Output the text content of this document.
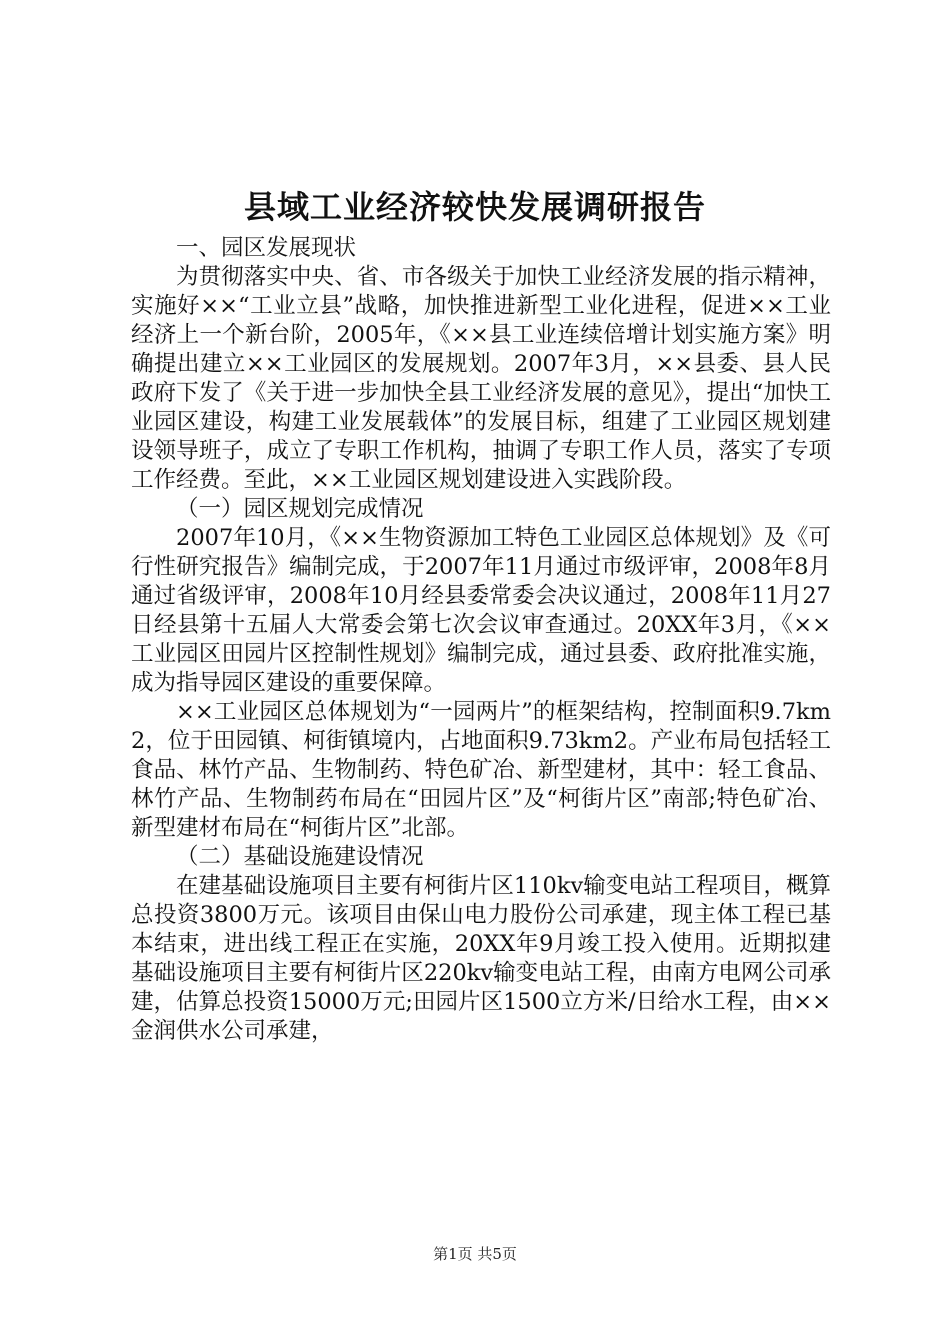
县域工业经济较快发展调研报告

一、园区发展现状

为贯彻落实中央、省、市各级关于加快工业经济发展的指示精神，实施好××“工业立县”战略，加快推进新型工业化进程，促进××工业经济上一个新台阶，2005年，《××县工业连续倍增计划实施方案》明确提出建立××工业园区的发展规划。2007年3月，××县委、县人民政府下发了《关于进一步加快全县工业经济发展的意见》，提出“加快工业园区建设，构建工业发展载体”的发展目标，组建了工业园区规划建设领导班子，成立了专职工作机构，抽调了专职工作人员，落实了专项工作经费。至此，××工业园区规划建设进入实践阶段。

（一）园区规划完成情况

2007年10月，《××生物资源加工特色工业园区总体规划》及《可行性研究报告》编制完成，于2007年11月通过市级评审，2008年8月通过省级评审，2008年10月经县委常委会决议通过，2008年11月27日经县第十五届人大常委会第七次会议审查通过。20XX年3月，《××工业园区田园片区控制性规划》编制完成，通过县委、政府批准实施，成为指导园区建设的重要保障。

××工业园区总体规划为“一园两片”的框架结构，控制面积9.7km2，位于田园镇、柯街镇境内，占地面积9.73km2。产业布局包括轻工食品、林竹产品、生物制药、特色矿冶、新型建材，其中：轻工食品、林竹产品、生物制药布局在“田园片区”及“柯街片区”南部;特色矿冶、新型建材布局在“柯街片区”北部。

（二）基础设施建设情况

在建基础设施项目主要有柯街片区110kv输变电站工程项目，概算总投资3800万元。该项目由保山电力股份公司承建，现主体工程已基本结束，进出线工程正在实施，20XX年9月竣工投入使用。近期拟建基础设施项目主要有柯街片区220kv输变电站工程，由南方电网公司承建，估算总投资15000万元;田园片区1500立方米/日给水工程，由××金润供水公司承建，

第1页 共5页
